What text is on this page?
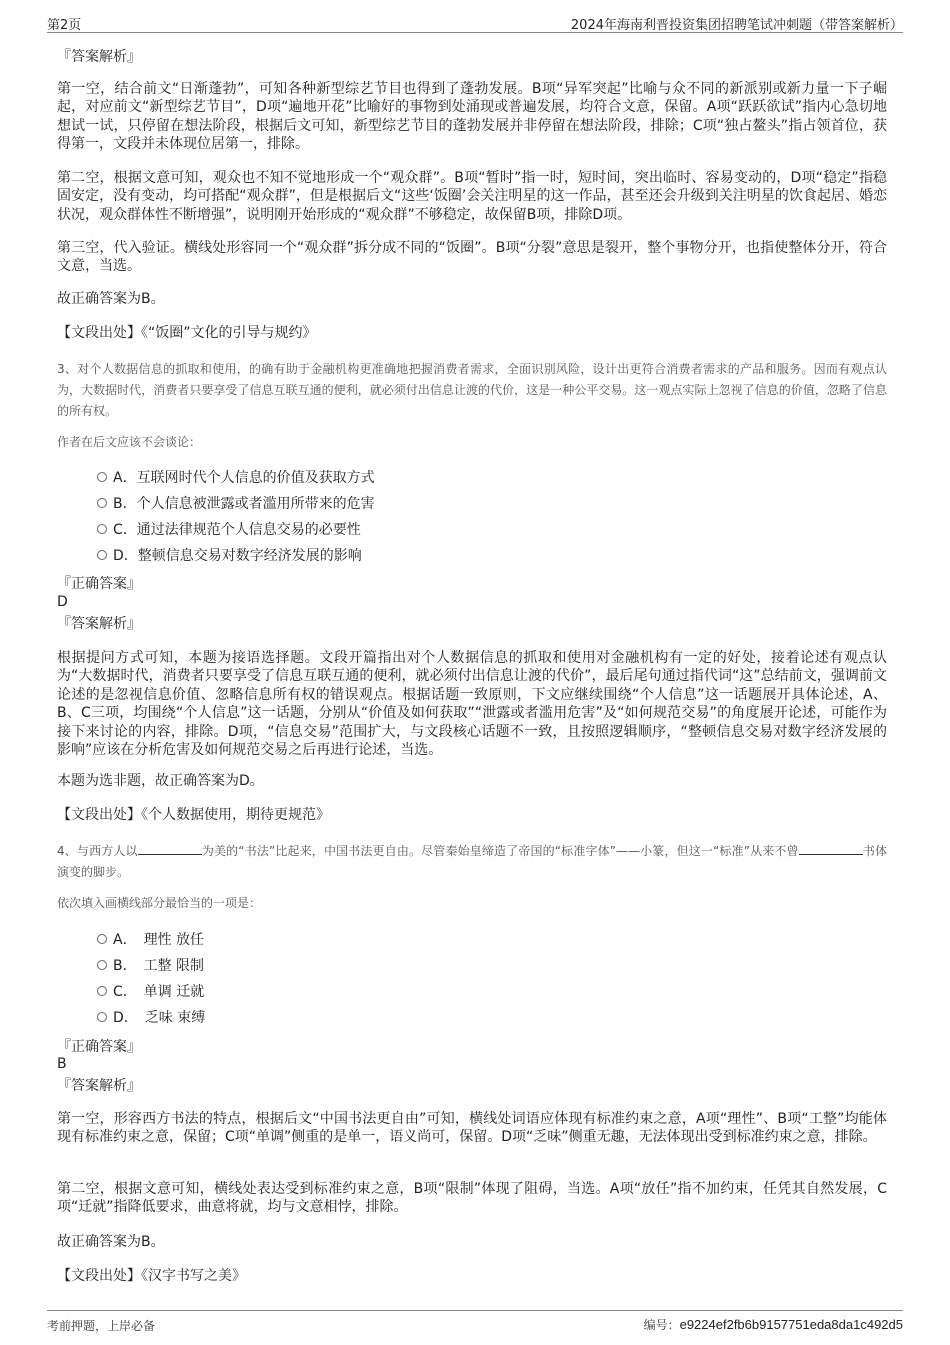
第2页	2024年海南利晋投资集团招聘笔试冲刺题（带答案解析）
『答案解析』

第一空，结合前文“日渐蓬勃”，可知各种新型综艺节目也得到了蓬勃发展。B项“异军突起”比喻与众不同的新派别或新力量一下子崛起，对应前文“新型综艺节目”，D项“遍地开花”比喻好的事物到处涌现或普遍发展，均符合文意，保留。A项“跃跃欲试”指内心急切地想试一试，只停留在想法阶段，根据后文可知，新型综艺节目的蓬勃发展并非停留在想法阶段，排除；C项“独占鳌头”指占领首位，获得第一，文段并未体现位居第一，排除。

第二空，根据文意可知，观众也不知不觉地形成一个“观众群”。B项“暂时”指一时，短时间，突出临时、容易变动的，D项“稳定”指稳固安定，没有变动，均可搭配“观众群”，但是根据后文“这些‘饭圈’会关注明星的这一作品，甚至还会升级到关注明星的饮食起居、婚恋状况，观众群体性不断增强”，说明刚开始形成的“观众群”不够稳定，故保留B项，排除D项。

第三空，代入验证。横线处形容同一个“观众群”拆分成不同的“饭圈”。B项“分裂”意思是裂开，整个事物分开，也指使整体分开，符合文意，当选。

故正确答案为B。

【文段出处】《“饭圈”文化的引导与规约》

3、对个人数据信息的抓取和使用，的确有助于金融机构更准确地把握消费者需求，全面识别风险，设计出更符合消费者需求的产品和服务。因而有观点认为，大数据时代，消费者只要享受了信息互联互通的便利，就必须付出信息让渡的代价，这是一种公平交易。这一观点实际上忽视了信息的价值，忽略了信息的所有权。

作者在后文应该不会谈论：

A．互联网时代个人信息的价值及获取方式
B．个人信息被泄露或者滥用所带来的危害
C．通过法律规范个人信息交易的必要性
D．整顿信息交易对数字经济发展的影响
『正确答案』
D
『答案解析』

根据提问方式可知，本题为接语选择题。文段开篇指出对个人数据信息的抓取和使用对金融机构有一定的好处，接着论述有观点认为“大数据时代，消费者只要享受了信息互联互通的便利，就必须付出信息让渡的代价”，最后尾句通过指代词“这”总结前文，强调前文论述的是忽视信息价值、忽略信息所有权的错误观点。根据话题一致原则，下文应继续围绕“个人信息”这一话题展开具体论述，A、B、C三项，均围绕“个人信息”这一话题，分别从“价值及如何获取”“泄露或者滥用危害”及“如何规范交易”的角度展开论述，可能作为接下来讨论的内容，排除。D项，“信息交易”范围扩大，与文段核心话题不一致，且按照逻辑顺序，“整顿信息交易对数字经济发展的影响”应该在分析危害及如何规范交易之后再进行论述，当选。

本题为选非题，故正确答案为D。

【文段出处】《个人数据使用，期待更规范》

4、与西方人以	为美的“书法”比起来，中国书法更自由。尽管秦始皇缔造了帝国的“标准字体”——小篆，但这一“标准”从来不曾	书体演变的脚步。

依次填入画横线部分最恰当的一项是：

A．　理性 放任
B．　工整 限制
C．　单调 迁就
D．　乏味 束缚
『正确答案』
B
『答案解析』

第一空，形容西方书法的特点，根据后文“中国书法更自由”可知，横线处词语应体现有标准约束之意，A项“理性”、B项“工整”均能体现有标准约束之意，保留；C项“单调”侧重的是单一，语义尚可，保留。D项“乏味”侧重无趣，无法体现出受到标准约束之意，排除。

第二空，根据文意可知，横线处表达受到标准约束之意，B项“限制”体现了阻碍，当选。A项“放任”指不加约束，任凭其自然发展，C项“迁就”指降低要求，曲意将就，均与文意相悖，排除。

故正确答案为B。

【文段出处】《汉字书写之美》

考前押题，上岸必备	编号：e9224ef2fb6b9157751eda8da1c492d5
